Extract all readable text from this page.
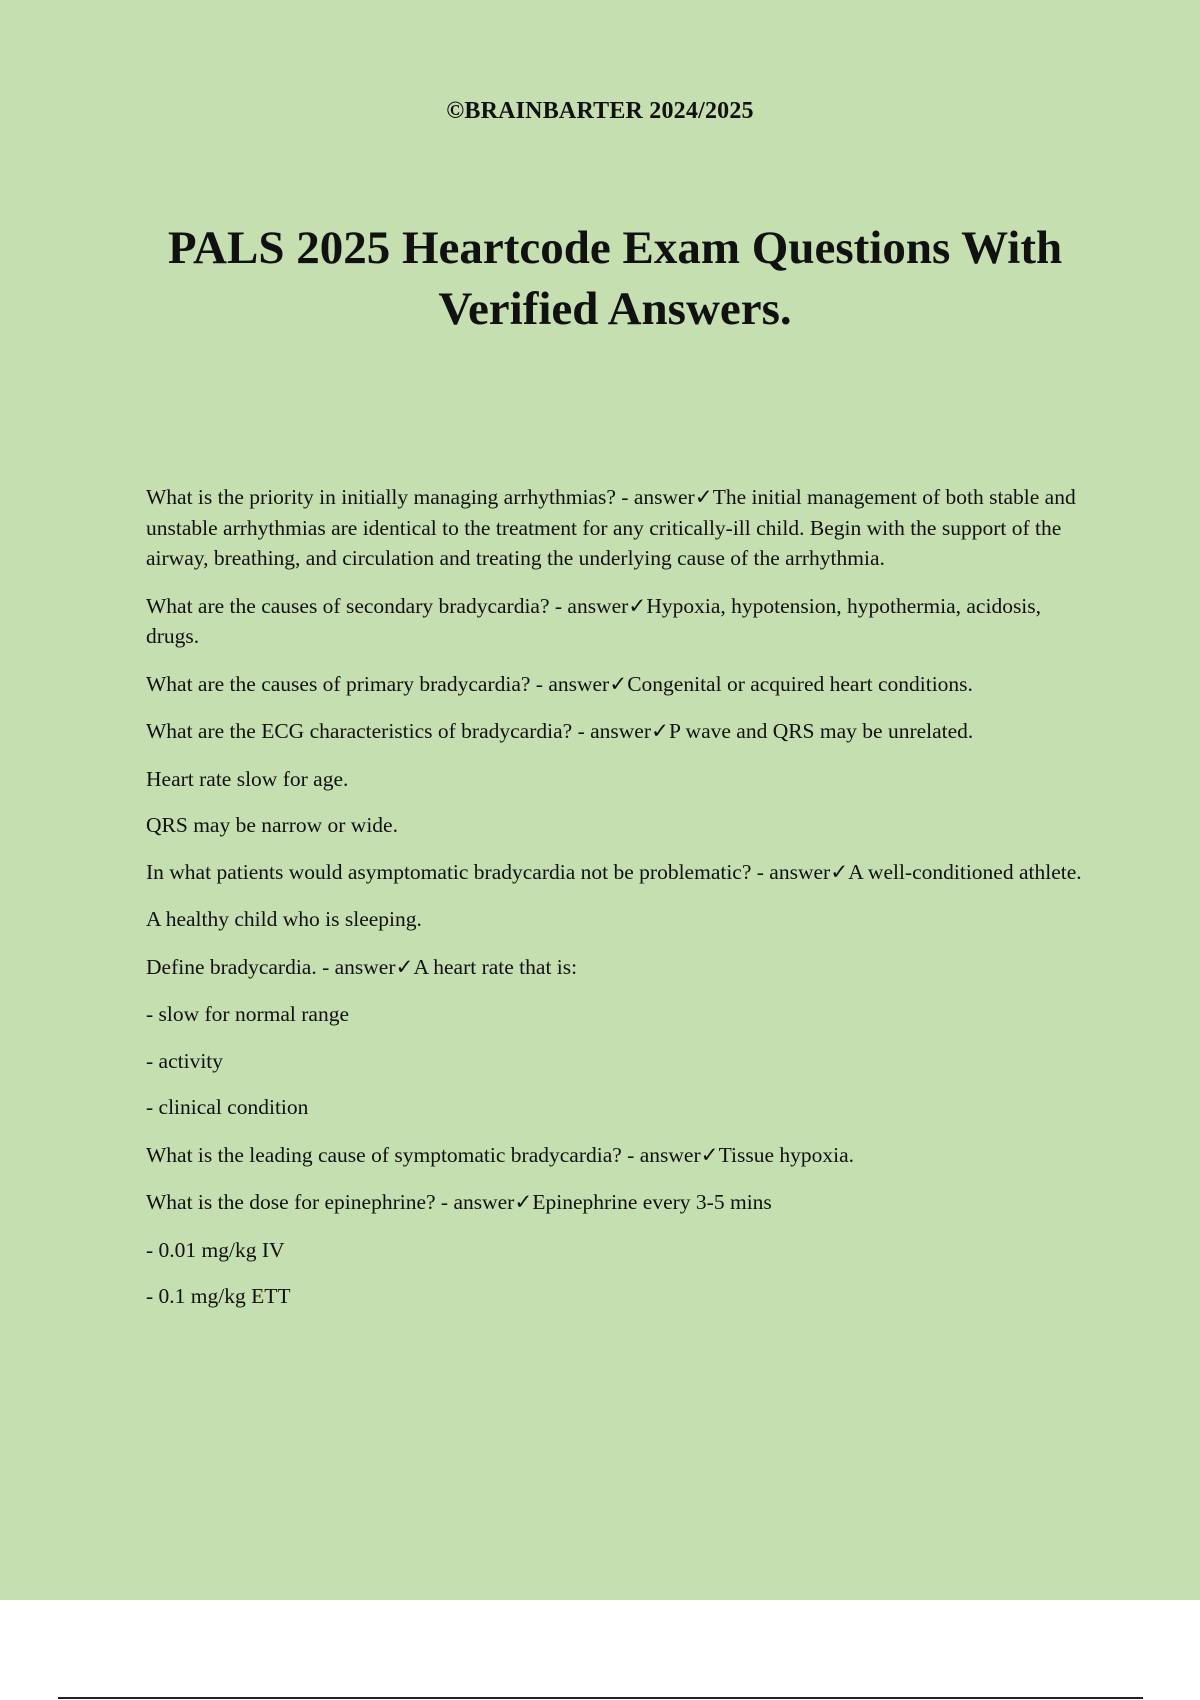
©BRAINBARTER 2024/2025
PALS 2025 Heartcode Exam Questions With
Verified Answers.

What is the priority in initially managing arrhythmias? - answer✓The initial management of both stable and unstable arrhythmias are identical to the treatment for any critically-ill child. Begin with the support of the airway, breathing, and circulation and treating the underlying cause of the arrhythmia.

What are the causes of secondary bradycardia? - answer✓Hypoxia, hypotension, hypothermia, acidosis, drugs.

What are the causes of primary bradycardia? - answer✓Congenital or acquired heart conditions.

What are the ECG characteristics of bradycardia? - answer✓P wave and QRS may be unrelated.

Heart rate slow for age.

QRS may be narrow or wide.

In what patients would asymptomatic bradycardia not be problematic? - answer✓A well-conditioned athlete.

A healthy child who is sleeping.

Define bradycardia. - answer✓A heart rate that is:

- slow for normal range

- activity

- clinical condition

What is the leading cause of symptomatic bradycardia? - answer✓Tissue hypoxia.

What is the dose for epinephrine? - answer✓Epinephrine every 3-5 mins

- 0.01 mg/kg IV

- 0.1 mg/kg ETT
